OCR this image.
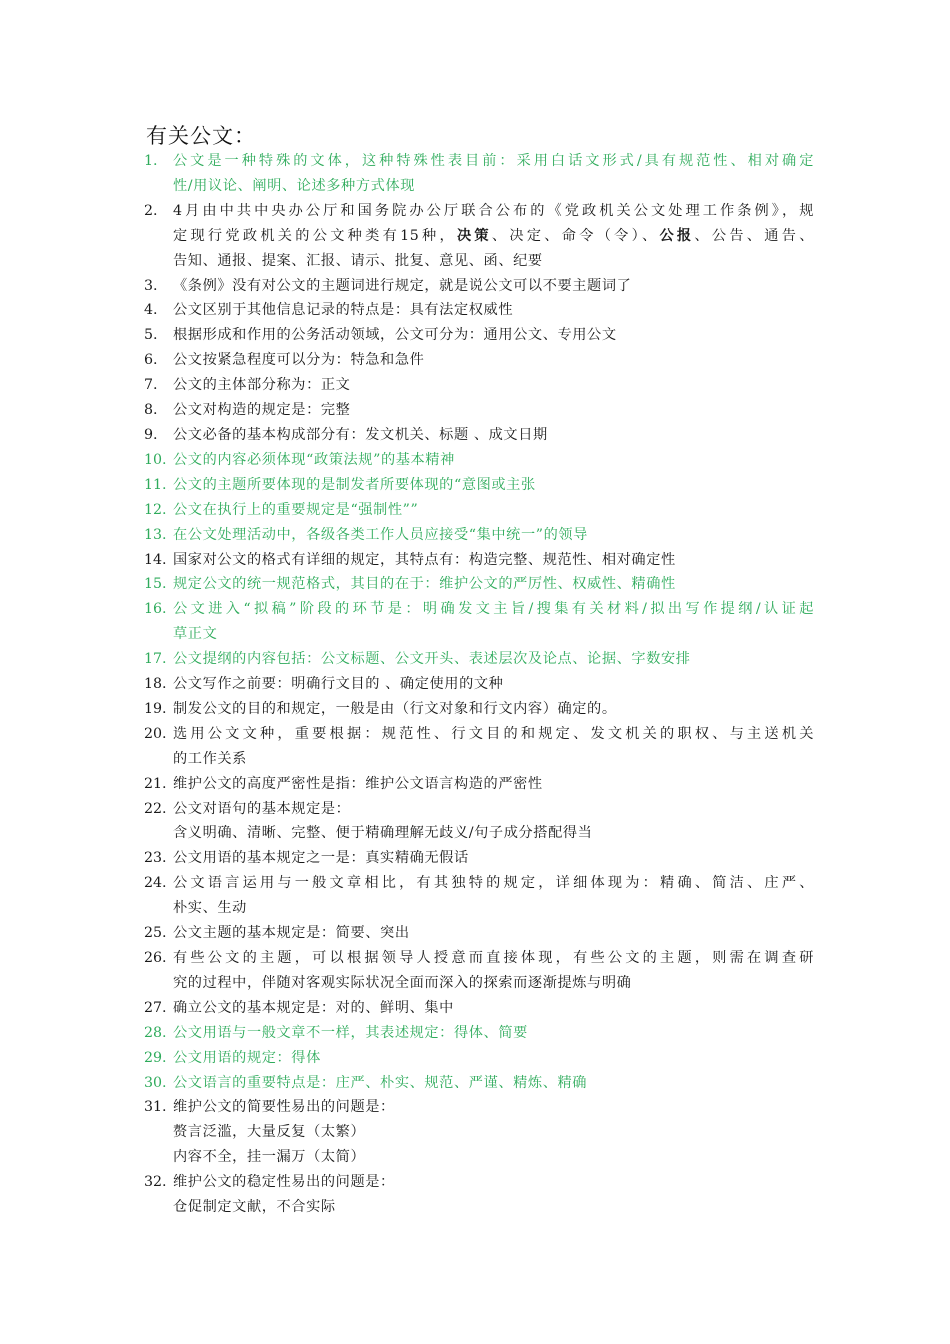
有关公文：
1. 公文是一种特殊的文体，这种特殊性表目前：采用白话文形式/具有规范性、相对确定
性/用议论、阐明、论述多种方式体现
2. 4月由中共中央办公厅和国务院办公厅联合公布的《党政机关公文处理工作条例》，规
定现行党政机关的公文种类有15种，决策、决定、命令（令）、公报、公告、通告、
告知、通报、提案、汇报、请示、批复、意见、函、纪要
3. 《条例》没有对公文的主题词进行规定，就是说公文可以不要主题词了
4. 公文区别于其他信息记录的特点是：具有法定权威性
5. 根据形成和作用的公务活动领域，公文可分为：通用公文、专用公文
6. 公文按紧急程度可以分为：特急和急件
7. 公文的主体部分称为：正文
8. 公文对构造的规定是：完整
9. 公文必备的基本构成部分有：发文机关、标题 、成文日期
10. 公文的内容必须体现“政策法规”的基本精神
11. 公文的主题所要体现的是制发者所要体现的“意图或主张
12. 公文在执行上的重要规定是“强制性””
13. 在公文处理活动中，各级各类工作人员应接受“集中统一”的领导
14. 国家对公文的格式有详细的规定，其特点有：构造完整、规范性、相对确定性
15. 规定公文的统一规范格式，其目的在于：维护公文的严厉性、权威性、精确性
16. 公文进入“拟稿”阶段的环节是：明确发文主旨/搜集有关材料/拟出写作提纲/认证起
草正文
17. 公文提纲的内容包括：公文标题、公文开头、表述层次及论点、论据、字数安排
18. 公文写作之前要：明确行文目的 、确定使用的文种
19. 制发公文的目的和规定，一般是由（行文对象和行文内容）确定的。
20. 选用公文文种，重要根据：规范性、行文目的和规定、发文机关的职权、与主送机关
的工作关系
21. 维护公文的高度严密性是指：维护公文语言构造的严密性
22. 公文对语句的基本规定是：
含义明确、清晰、完整、便于精确理解无歧义/句子成分搭配得当
23. 公文用语的基本规定之一是：真实精确无假话
24. 公文语言运用与一般文章相比，有其独特的规定，详细体现为：精确、简洁、庄严、
朴实、生动
25. 公文主题的基本规定是：简要、突出
26. 有些公文的主题，可以根据领导人授意而直接体现，有些公文的主题，则需在调查研
究的过程中，伴随对客观实际状况全面而深入的探索而逐渐提炼与明确
27. 确立公文的基本规定是：对的、鲜明、集中
28. 公文用语与一般文章不一样，其表述规定：得体、简要
29. 公文用语的规定：得体
30. 公文语言的重要特点是：庄严、朴实、规范、严谨、精炼、精确
31. 维护公文的简要性易出的问题是：
赘言泛滥，大量反复（太繁）
内容不全，挂一漏万（太简）
32. 维护公文的稳定性易出的问题是：
仓促制定文献，不合实际
